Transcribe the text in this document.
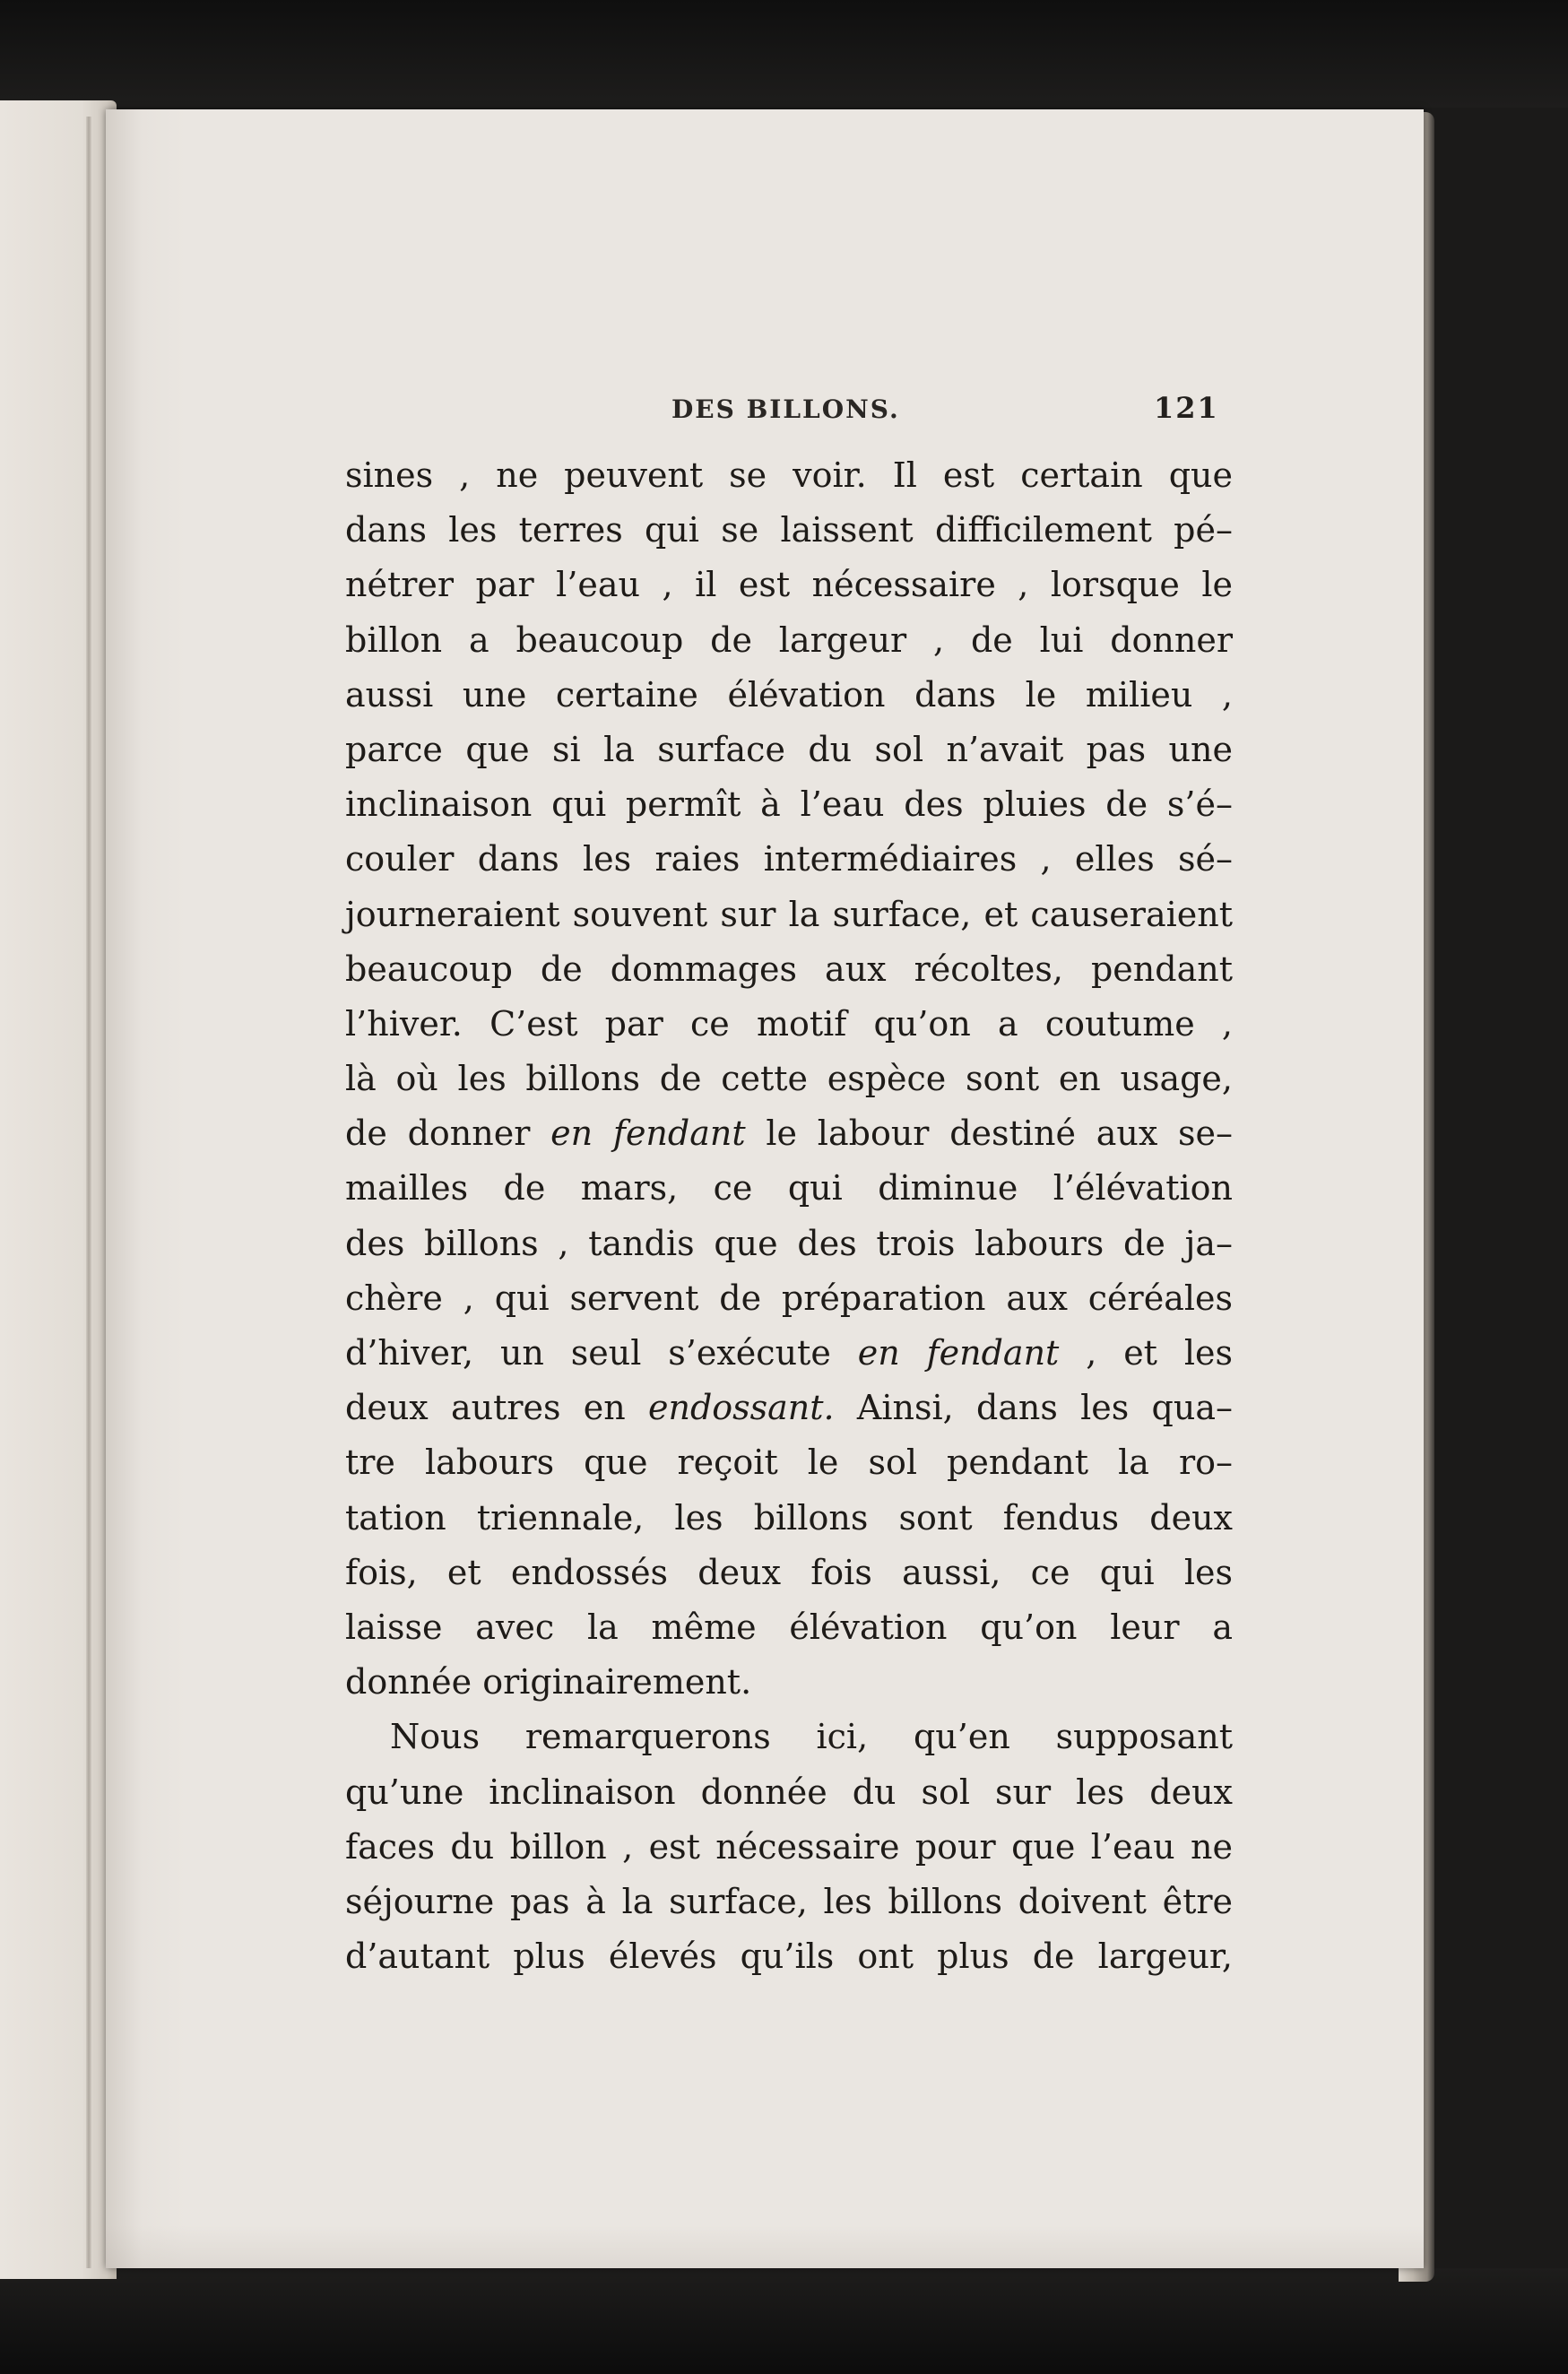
DES BILLONS.	121
sines , ne peuvent se voir. Il est certain que
dans les terres qui se laissent difficilement pé–
nétrer par l’eau , il est nécessaire , lorsque le
billon a beaucoup de largeur , de lui donner
aussi une certaine élévation dans le milieu ,
parce que si la surface du sol n’avait pas une
inclinaison qui permît à l’eau des pluies de s’é–
couler dans les raies intermédiaires , elles sé–
journeraient souvent sur la surface, et causeraient
beaucoup de dommages aux récoltes, pendant
l’hiver. C’est par ce motif qu’on a coutume ,
là où les billons de cette espèce sont en usage,
de donner en fendant le labour destiné aux se–
mailles de mars, ce qui diminue l’élévation
des billons , tandis que des trois labours de ja–
chère , qui servent de préparation aux céréales
d’hiver, un seul s’exécute en fendant , et les
deux autres en endossant. Ainsi, dans les qua–
tre labours que reçoit le sol pendant la ro–
tation triennale, les billons sont fendus deux
fois, et endossés deux fois aussi, ce qui les
laisse avec la même élévation qu’on leur a
donnée originairement.
Nous remarquerons ici, qu’en supposant
qu’une inclinaison donnée du sol sur les deux
faces du billon , est nécessaire pour que l’eau ne
séjourne pas à la surface, les billons doivent être
d’autant plus élevés qu’ils ont plus de largeur,
